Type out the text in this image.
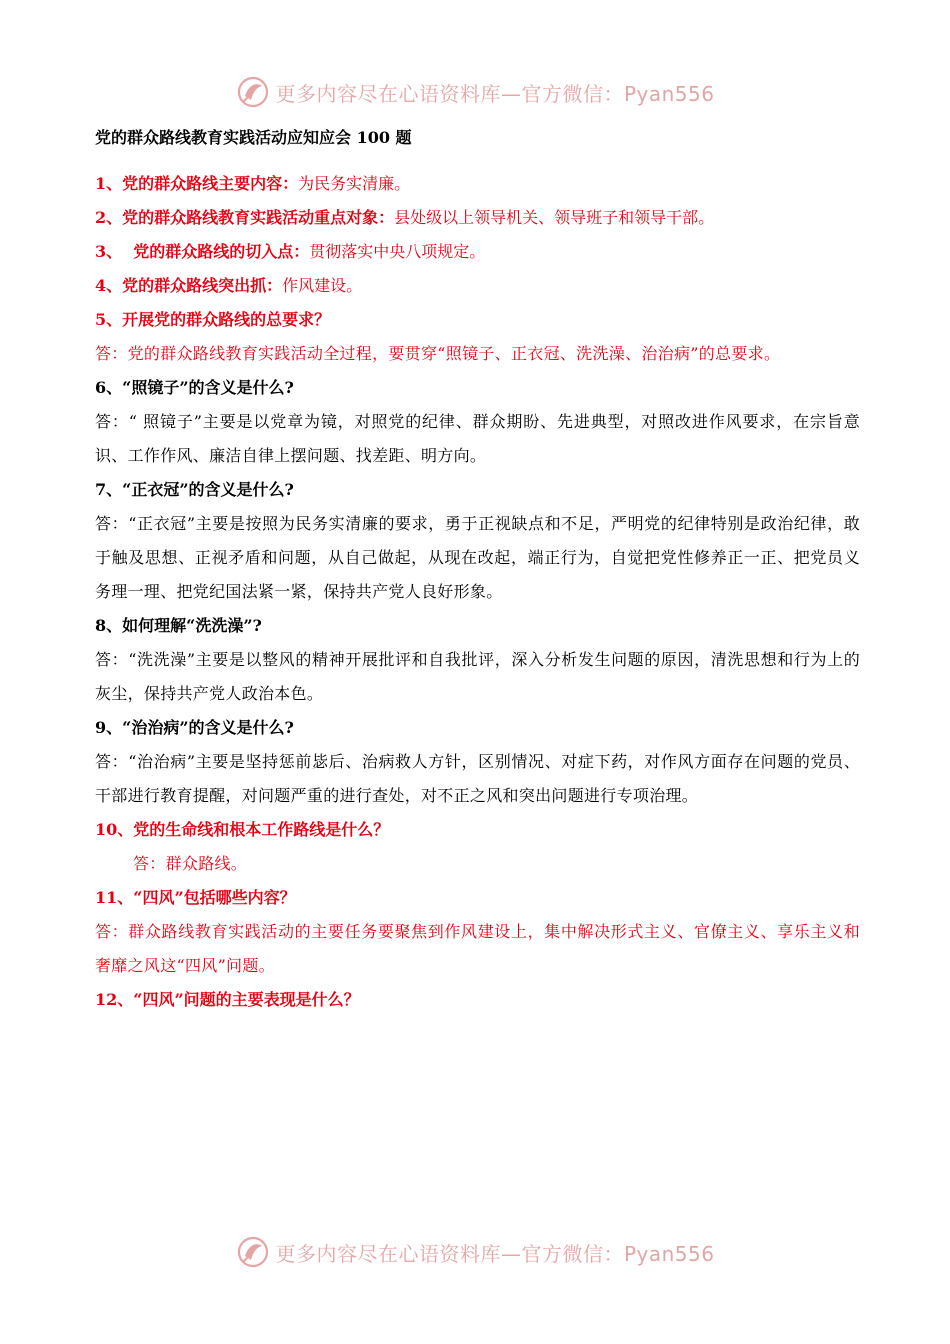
更多内容尽在心语资料库—官方微信：Pyan556
党的群众路线教育实践活动应知应会 100 题
1、党的群众路线主要内容：为民务实清廉。
2、党的群众路线教育实践活动重点对象：县处级以上领导机关、领导班子和领导干部。
3、  党的群众路线的切入点：贯彻落实中央八项规定。
4、党的群众路线突出抓：作风建设。
5、开展党的群众路线的总要求？
答：党的群众路线教育实践活动全过程，要贯穿“照镜子、正衣冠、洗洗澡、治治病”的总要求。
6、“照镜子”的含义是什么?
答：“ 照镜子”主要是以党章为镜，对照党的纪律、群众期盼、先进典型，对照改进作风要求，在宗旨意识、工作作风、廉洁自律上摆问题、找差距、明方向。
7、“正衣冠”的含义是什么?
答：“正衣冠”主要是按照为民务实清廉的要求，勇于正视缺点和不足，严明党的纪律特别是政治纪律，敢于触及思想、正视矛盾和问题，从自己做起，从现在改起，端正行为，自觉把党性修养正一正、把党员义务理一理、把党纪国法紧一紧，保持共产党人良好形象。
8、如何理解“洗洗澡”?
答：“洗洗澡”主要是以整风的精神开展批评和自我批评，深入分析发生问题的原因，清洗思想和行为上的灰尘，保持共产党人政治本色。
9、“治治病”的含义是什么?
答：“治治病”主要是坚持惩前毖后、治病救人方针，区别情况、对症下药，对作风方面存在问题的党员、干部进行教育提醒，对问题严重的进行查处，对不正之风和突出问题进行专项治理。
10、党的生命线和根本工作路线是什么？
答：群众路线。
11、“四风”包括哪些内容？
答：群众路线教育实践活动的主要任务要聚焦到作风建设上，集中解决形式主义、官僚主义、享乐主义和奢靡之风这“四风”问题。
12、“四风”问题的主要表现是什么？
更多内容尽在心语资料库—官方微信：Pyan556
